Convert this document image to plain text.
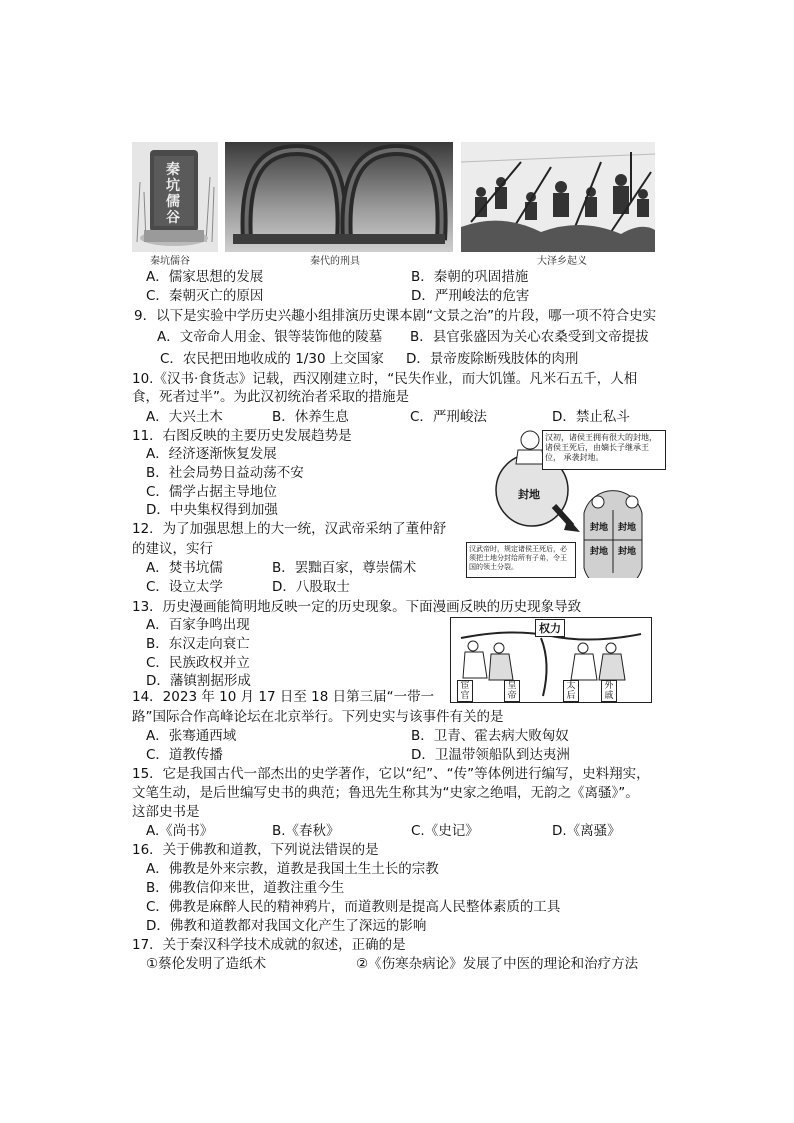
秦坑儒谷
秦坑儒谷	秦代的刑具	大泽乡起义
A．儒家思想的发展	B．秦朝的巩固措施
C．秦朝灭亡的原因	D．严刑峻法的危害
9．以下是实验中学历史兴趣小组排演历史课本剧“文景之治”的片段，哪一项不符合史实
A．文帝命人用金、银等装饰他的陵墓 B．县官张盛因为关心农桑受到文帝提拔
C．农民把田地收成的 1/30 上交国家 D．景帝废除断残肢体的肉刑
10.《汉书·食货志》记载，西汉刚建立时，“民失作业，而大饥馑。凡米石五千，人相
食，死者过半”。为此汉初统治者采取的措施是
A．大兴土木	B．休养生息	C．严刑峻法	D．禁止私斗
11．右图反映的主要历史发展趋势是
A．经济逐渐恢复发展
B．社会局势日益动荡不安
C．儒学占据主导地位
D．中央集权得到加强
汉初，诸侯王拥有很大的封地，诸侯王死后，由嫡长子继承王位， 承袭封地。
封地
封地 封地
封地 封地
汉武帝时，规定诸侯王死后，必须把土地分封给所有子弟，令王国的领土分裂。
12．为了加强思想上的大一统，汉武帝采纳了董仲舒
的建议，实行
A．焚书坑儒	B．罢黜百家，尊崇儒术
C．设立太学	D．八股取士
13．历史漫画能简明地反映一定的历史现象。下面漫画反映的历史现象导致
A．百家争鸣出现
B．东汉走向衰亡
C．民族政权并立
D．藩镇割据形成
权力
宦官
皇帝
太后
外戚
14．2023 年 10 月 17 日至 18 日第三届“一带一
路”国际合作高峰论坛在北京举行。下列史实与该事件有关的是
A．张骞通西域	B．卫青、霍去病大败匈奴
C．道教传播	D．卫温带领船队到达夷洲
15．它是我国古代一部杰出的史学著作，它以“纪”、“传”等体例进行编写，史料翔实，
文笔生动，是后世编写史书的典范；鲁迅先生称其为“史家之绝唱，无韵之《离骚》”。
这部史书是
A.《尚书》	B.《春秋》	C.《史记》	D.《离骚》
16．关于佛教和道教，下列说法错误的是
A．佛教是外来宗教，道教是我国土生土长的宗教
B．佛教信仰来世，道教注重今生
C．佛教是麻醉人民的精神鸦片，而道教则是提高人民整体素质的工具
D．佛教和道教都对我国文化产生了深远的影响
17．关于秦汉科学技术成就的叙述，正确的是
①蔡伦发明了造纸术	②《伤寒杂病论》发展了中医的理论和治疗方法
